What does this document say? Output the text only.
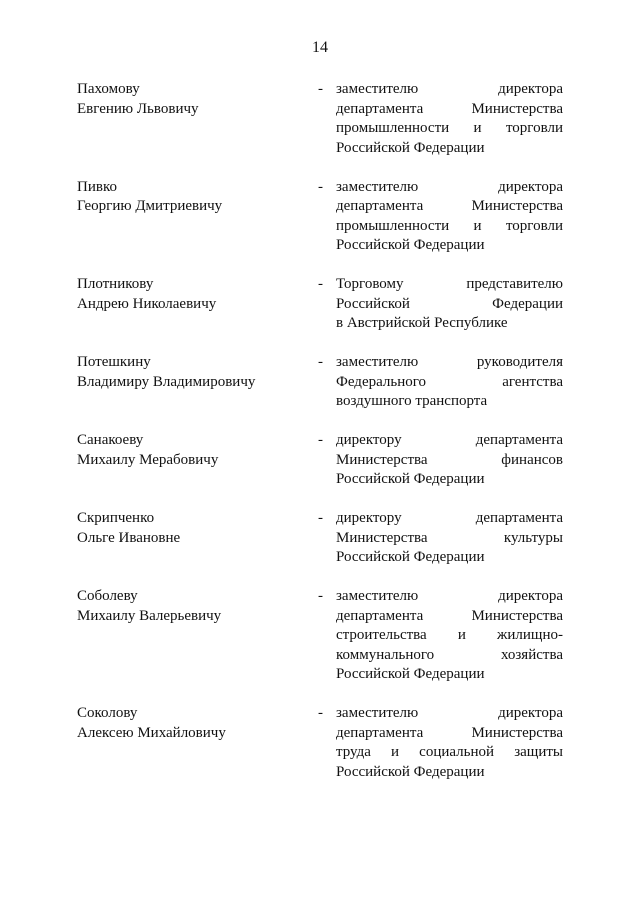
14
Пахомову
Евгению Львовичу
- заместителю директора
департамента Министерства
промышленности и торговли
Российской Федерации
Пивко
Георгию Дмитриевичу
- заместителю директора
департамента Министерства
промышленности и торговли
Российской Федерации
Плотникову
Андрею Николаевичу
- Торговому представителю
Российской Федерации
в Австрийской Республике
Потешкину
Владимиру Владимировичу
- заместителю руководителя
Федерального агентства
воздушного транспорта
Санакоеву
Михаилу Мерабовичу
- директору департамента
Министерства финансов
Российской Федерации
Скрипченко
Ольге Ивановне
- директору департамента
Министерства культуры
Российской Федерации
Соболеву
Михаилу Валерьевичу
- заместителю директора
департамента Министерства
строительства и жилищно-
коммунального хозяйства
Российской Федерации
Соколову
Алексею Михайловичу
- заместителю директора
департамента Министерства
труда и социальной защиты
Российской Федерации
